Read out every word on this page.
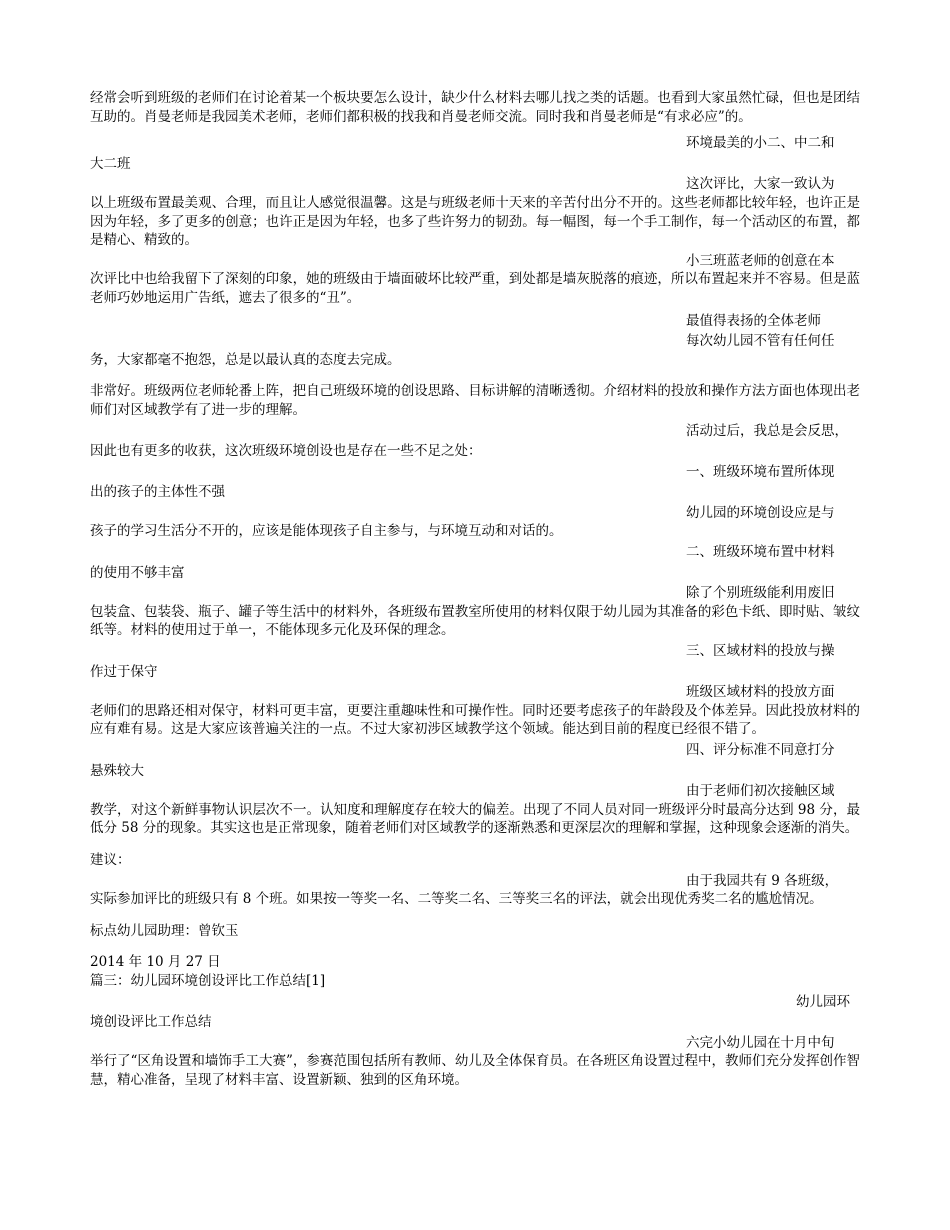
经常会听到班级的老师们在讨论着某一个板块要怎么设计，缺少什么材料去哪儿找之类的话题。也看到大家虽然忙碌，但也是团结互助的。肖曼老师是我园美术老师，老师们都积极的找我和肖曼老师交流。同时我和肖曼老师是“有求必应”的。
环境最美的小二、中二和
大二班
这次评比，大家一致认为
以上班级布置最美观、合理，而且让人感觉很温馨。这是与班级老师十天来的辛苦付出分不开的。这些老师都比较年轻，也许正是因为年轻，多了更多的创意；也许正是因为年轻，也多了些许努力的韧劲。每一幅图，每一个手工制作，每一个活动区的布置，都是精心、精致的。
小三班蓝老师的创意在本
次评比中也给我留下了深刻的印象，她的班级由于墙面破坏比较严重，到处都是墙灰脱落的痕迹，所以布置起来并不容易。但是蓝老师巧妙地运用广告纸，遮去了很多的“丑”。
最值得表扬的全体老师
每次幼儿园不管有任何任
务，大家都毫不抱怨，总是以最认真的态度去完成。
非常好。班级两位老师轮番上阵，把自己班级环境的创设思路、目标讲解的清晰透彻。介绍材料的投放和操作方法方面也体现出老师们对区域教学有了进一步的理解。
活动过后，我总是会反思，
因此也有更多的收获，这次班级环境创设也是存在一些不足之处：
一、班级环境布置所体现
出的孩子的主体性不强
幼儿园的环境创设应是与
孩子的学习生活分不开的，应该是能体现孩子自主参与，与环境互动和对话的。
二、班级环境布置中材料
的使用不够丰富
除了个别班级能利用废旧
包装盒、包装袋、瓶子、罐子等生活中的材料外，各班级布置教室所使用的材料仅限于幼儿园为其准备的彩色卡纸、即时贴、皱纹纸等。材料的使用过于单一，不能体现多元化及环保的理念。
三、区域材料的投放与操
作过于保守
班级区域材料的投放方面
老师们的思路还相对保守，材料可更丰富，更要注重趣味性和可操作性。同时还要考虑孩子的年龄段及个体差异。因此投放材料的应有难有易。这是大家应该普遍关注的一点。不过大家初涉区域教学这个领域。能达到目前的程度已经很不错了。
四、评分标准不同意打分
悬殊较大
由于老师们初次接触区域
教学，对这个新鲜事物认识层次不一。认知度和理解度存在较大的偏差。出现了不同人员对同一班级评分时最高分达到 98 分，最低分 58 分的现象。其实这也是正常现象，随着老师们对区域教学的逐渐熟悉和更深层次的理解和掌握，这种现象会逐渐的消失。
建议：
由于我园共有 9 各班级，
实际参加评比的班级只有 8 个班。如果按一等奖一名、二等奖二名、三等奖三名的评法，就会出现优秀奖二名的尴尬情况。
标点幼儿园助理：曾钦玉
2014 年 10 月 27 日
篇三：幼儿园环境创设评比工作总结[1]
幼儿园环
境创设评比工作总结
六完小幼儿园在十月中旬
举行了“区角设置和墙饰手工大赛”，参赛范围包括所有教师、幼儿及全体保育员。在各班区角设置过程中，教师们充分发挥创作智慧，精心准备，呈现了材料丰富、设置新颖、独到的区角环境。
